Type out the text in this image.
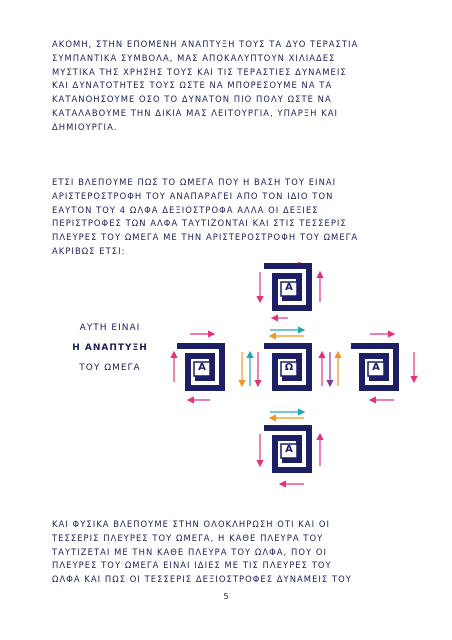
ΑΚΟΜΗ, ΣΤΗΝ ΕΠΟΜΕΝΗ ΑΝΑΠΤΥΞΗ ΤΟΥΣ ΤΑ ΔΥΟ ΤΕΡΑΣΤΙΑ
ΣΥΜΠΑΝΤΙΚΑ ΣΥΜΒΟΛΑ, ΜΑΣ ΑΠΟΚΑΛΥΠΤΟΥΝ ΧΙΛΙΑΔΕΣ
ΜΥΣΤΙΚΑ ΤΗΣ ΧΡΗΣΗΣ ΤΟΥΣ ΚΑΙ ΤΙΣ ΤΕΡΑΣΤΙΕΣ ΔΥΝΑΜΕΙΣ
ΚΑΙ ΔΥΝΑΤΟΤΗΤΕΣ ΤΟΥΣ ΩΣΤΕ ΝΑ ΜΠΟΡΕΣΟΥΜΕ ΝΑ ΤΑ
ΚΑΤΑΝΟΗΣΟΥΜΕ ΟΣΟ ΤΟ ΔΥΝΑΤΟΝ ΠΙΟ ΠΟΛΥ ΩΣΤΕ ΝΑ
ΚΑΤΑΛΑΒΟΥΜΕ ΤΗΝ ΔΙΚΙΑ ΜΑΣ ΛΕΙΤΟΥΡΓΙΑ, ΥΠΑΡΞΗ ΚΑΙ
ΔΗΜΙΟΥΡΓΙΑ.
ΕΤΣΙ ΒΛΕΠΟΥΜΕ ΠΩΣ ΤΟ ΩΜΕΓΑ ΠΟΥ Η ΒΑΣΗ ΤΟΥ ΕΙΝΑΙ
ΑΡΙΣΤΕΡΟΣΤΡΟΦΗ ΤΟΥ ΑΝΑΠΑΡΑΓΕΙ ΑΠΟ ΤΟΝ ΙΔΙΟ ΤΟΝ
ΕΑΥΤΟΝ ΤΟΥ 4 ΩΛΦΑ ΔΕΞΙΟΣΤΡΟΦΑ ΑΛΛΑ ΟΙ ΔΕΞΙΕΣ
ΠΕΡΙΣΤΡΟΦΕΣ ΤΩΝ ΑΛΦΑ ΤΑΥΤΙΖΟΝΤΑΙ ΚΑΙ ΣΤΙΣ ΤΕΣΣΕΡΙΣ
ΠΛΕΥΡΕΣ ΤΟΥ ΩΜΕΓΑ ΜΕ ΤΗΝ ΑΡΙΣΤΕΡΟΣΤΡΟΦΗ ΤΟΥ ΩΜΕΓΑ
ΑΚΡΙΒΩΣ ΕΤΣΙ:
ΑΥΤΗ ΕΙΝΑΙ
Η ΑΝΑΠΤΥΞΗ
ΤΟΥ ΩΜΕΓΑ
Α
Α	Ω	Α
Α
ΚΑΙ ΦΥΣΙΚΑ ΒΛΕΠΟΥΜΕ ΣΤΗΝ ΟΛΟΚΛΗΡΩΣΗ ΟΤΙ ΚΑΙ ΟΙ
ΤΕΣΣΕΡΙΣ ΠΛΕΥΡΕΣ ΤΟΥ ΩΜΕΓΑ, Η ΚΑΘΕ ΠΛΕΥΡΑ ΤΟΥ
ΤΑΥΤΙΖΕΤΑΙ ΜΕ ΤΗΝ ΚΑΘΕ ΠΛΕΥΡΑ ΤΟΥ ΩΛΦΑ, ΠΟΥ ΟΙ
ΠΛΕΥΡΕΣ ΤΟΥ ΩΜΕΓΑ ΕΙΝΑΙ ΙΔΙΕΣ ΜΕ ΤΙΣ ΠΛΕΥΡΕΣ ΤΟΥ
ΩΛΦΑ ΚΑΙ ΠΩΣ ΟΙ ΤΕΣΣΕΡΙΣ ΔΕΞΙΟΣΤΡΟΦΕΣ ΔΥΝΑΜΕΙΣ ΤΟΥ
5
